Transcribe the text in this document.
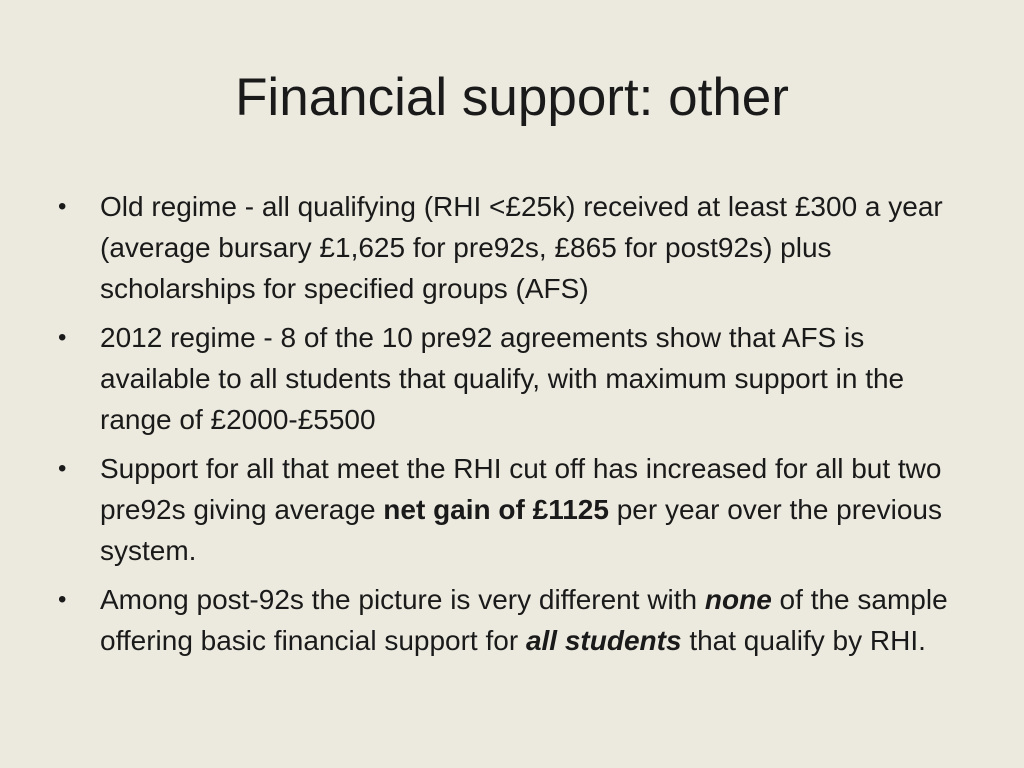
Financial support: other
• Old regime - all qualifying (RHI <£25k) received at least £300 a year (average bursary £1,625 for pre92s, £865 for post92s) plus scholarships for specified groups (AFS)
• 2012 regime - 8 of the 10 pre92 agreements show that AFS is available to all students that qualify, with maximum support in the range of £2000-£5500
• Support for all that meet the RHI cut off has increased for all but two pre92s giving average net gain of £1125 per year over the previous system.
• Among post-92s the picture is very different with none of the sample offering basic financial support for all students that qualify by RHI.
